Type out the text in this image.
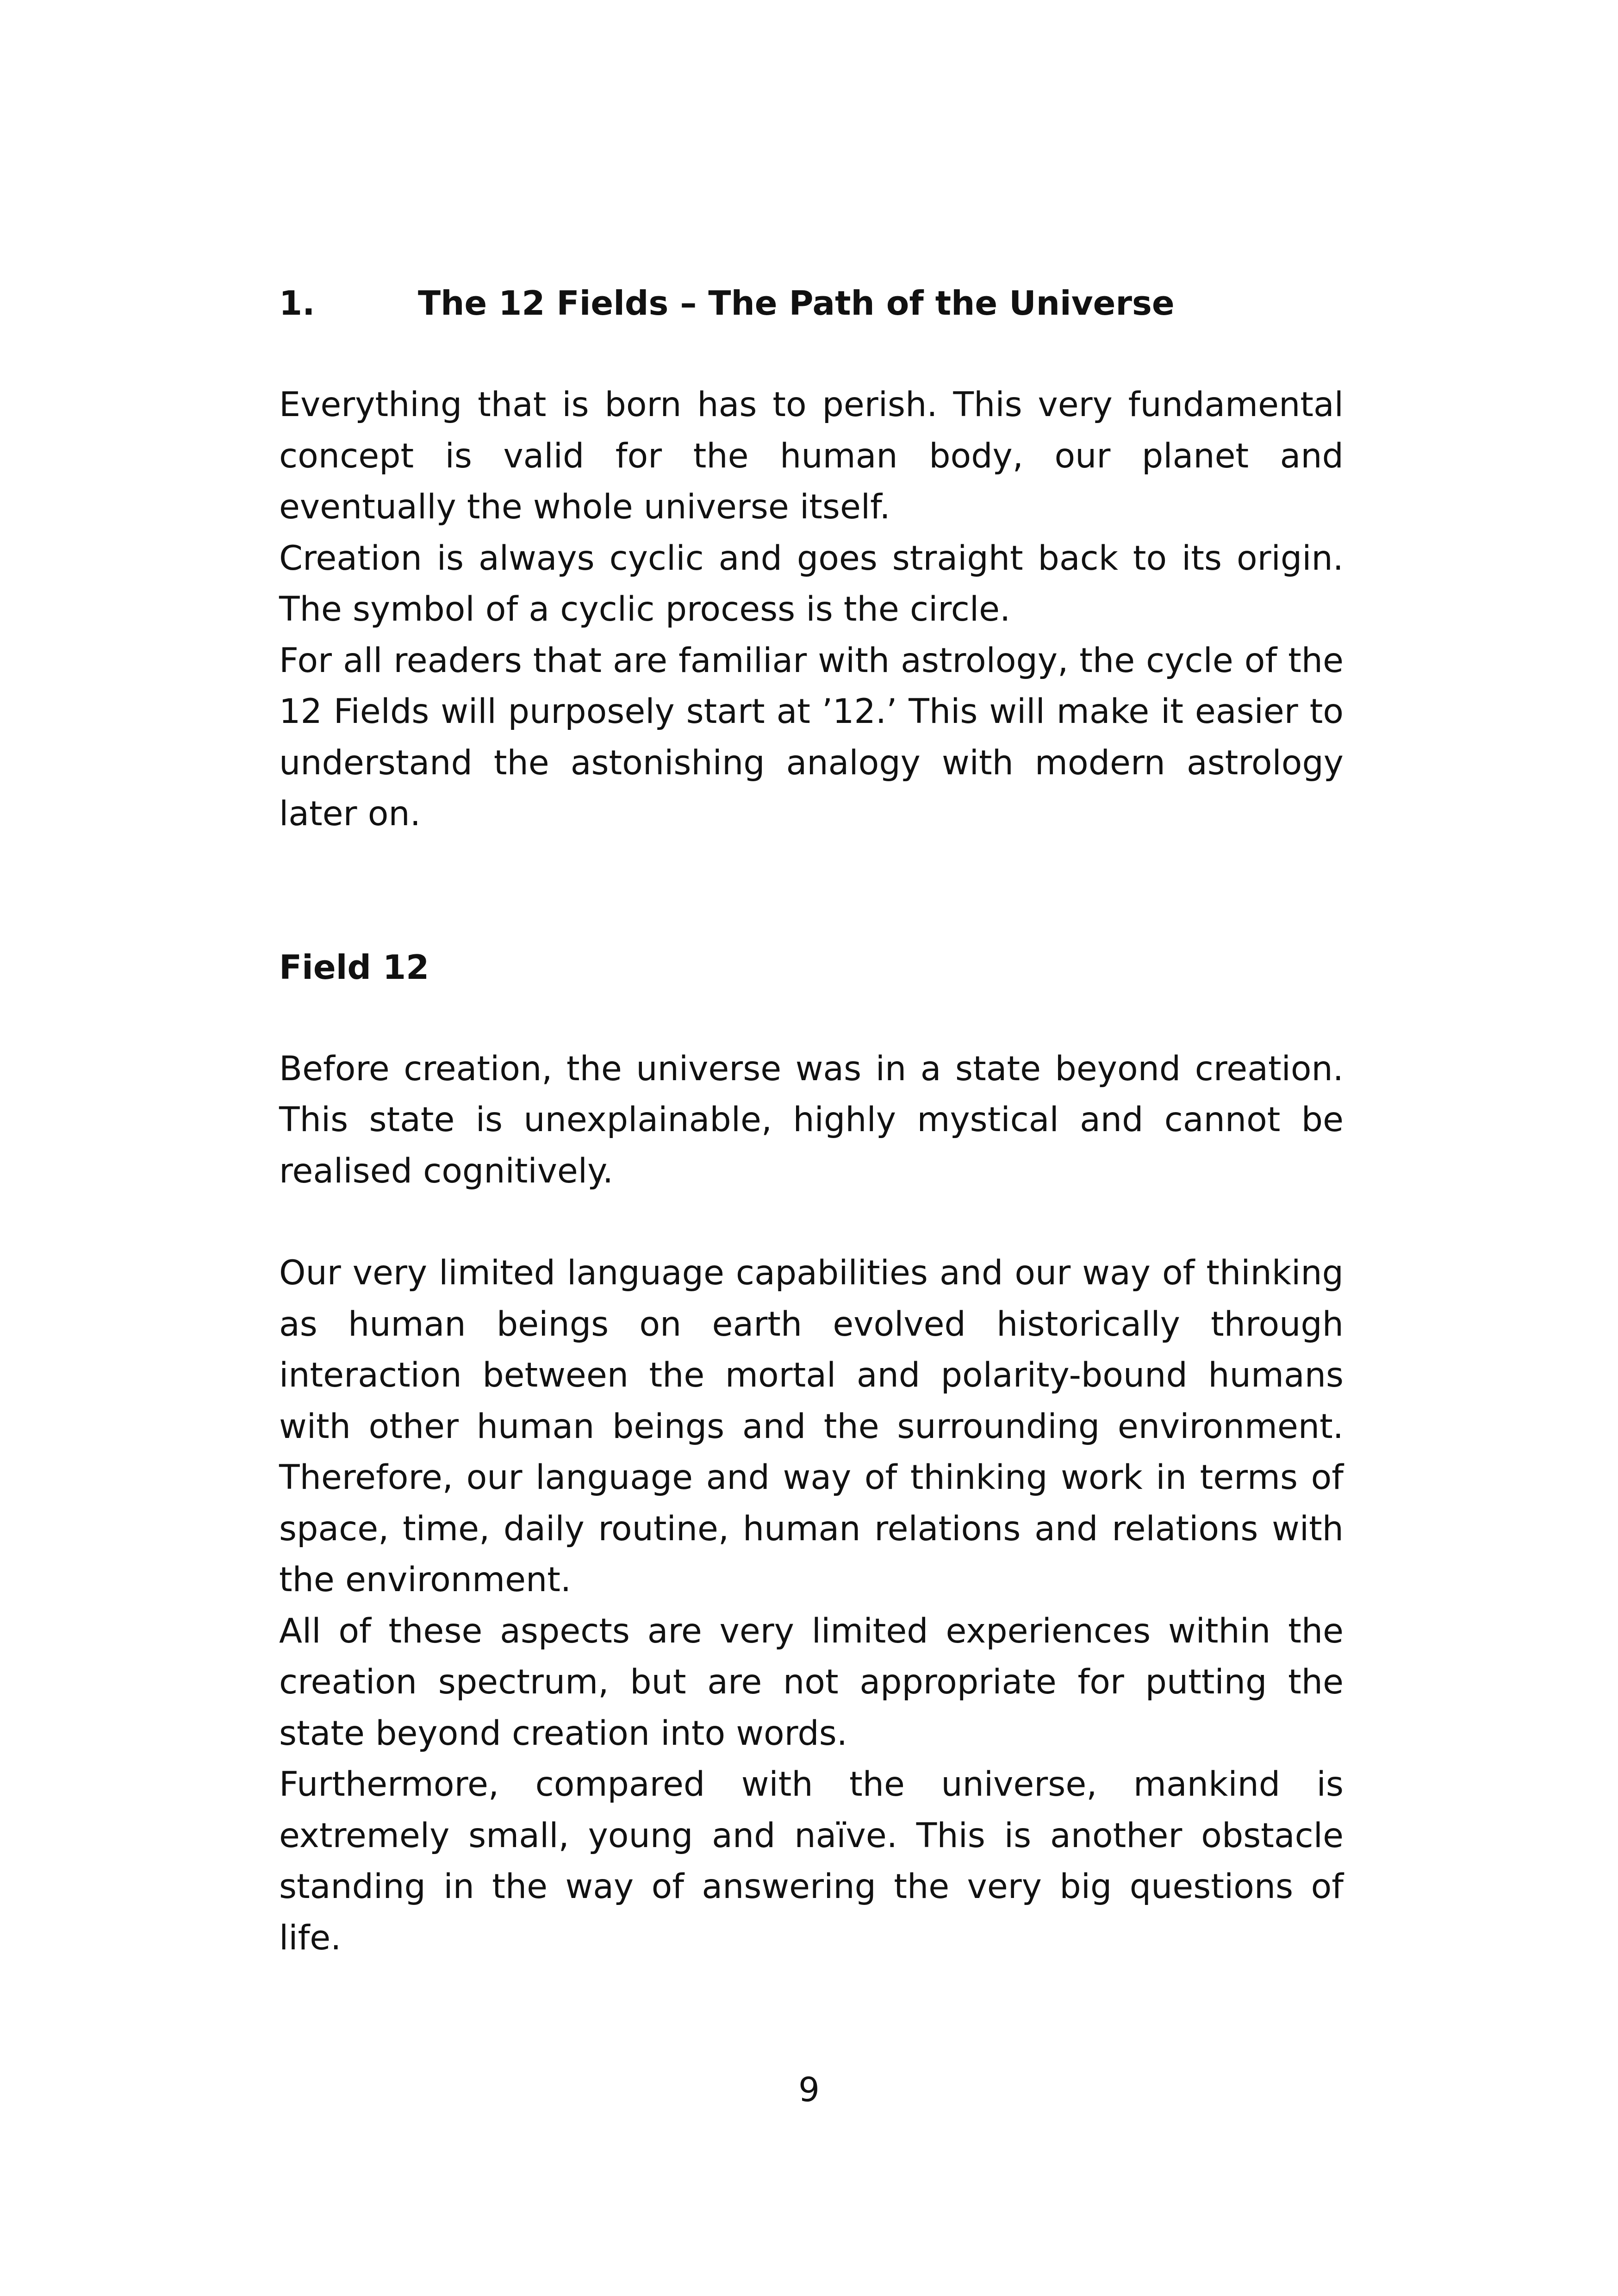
1.	The 12 Fields – The Path of the Universe

Everything that is born has to perish. This very fundamental concept is valid for the human body, our planet and eventually the whole universe itself.

Creation is always cyclic and goes straight back to its origin. The symbol of a cyclic process is the circle.

For all readers that are familiar with astrology, the cycle of the 12 Fields will purposely start at ’12.’ This will make it easier to understand the astonishing analogy with modern astrology later on.

Field 12

Before creation, the universe was in a state beyond creation. This state is unexplainable, highly mystical and cannot be realised cognitively.

Our very limited language capabilities and our way of thinking as human beings on earth evolved historically through interaction between the mortal and polarity-bound humans with other human beings and the surrounding environment. Therefore, our language and way of thinking work in terms of space, time, daily routine, human relations and relations with the environment.

All of these aspects are very limited experiences within the creation spectrum, but are not appropriate for putting the state beyond creation into words.

Furthermore, compared with the universe, mankind is extremely small, young and naïve. This is another obstacle standing in the way of answering the very big questions of life.

9
